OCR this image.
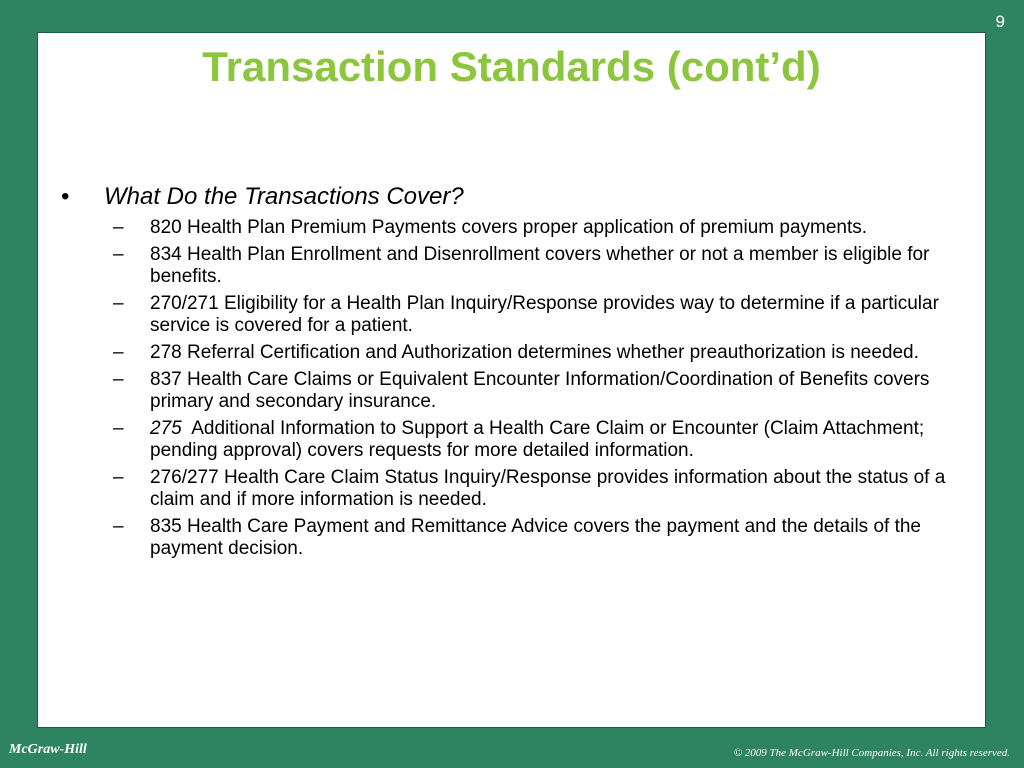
9
Transaction Standards (cont’d)
•	What Do the Transactions Cover?
–	820 Health Plan Premium Payments covers proper application of premium payments.
–	834 Health Plan Enrollment and Disenrollment covers whether or not a member is eligible for benefits.
–	270/271 Eligibility for a Health Plan Inquiry/Response provides way to determine if a particular service is covered for a patient.
–	278 Referral Certification and Authorization determines whether preauthorization is needed.
–	837 Health Care Claims or Equivalent Encounter Information/Coordination of Benefits covers primary and secondary insurance.
–	275  Additional Information to Support a Health Care Claim or Encounter (Claim Attachment; pending approval) covers requests for more detailed information.
–	276/277 Health Care Claim Status Inquiry/Response provides information about the status of a claim and if more information is needed.
–	835 Health Care Payment and Remittance Advice covers the payment and the details of the payment decision.
McGraw-Hill	© 2009 The McGraw-Hill Companies, Inc. All rights reserved.
